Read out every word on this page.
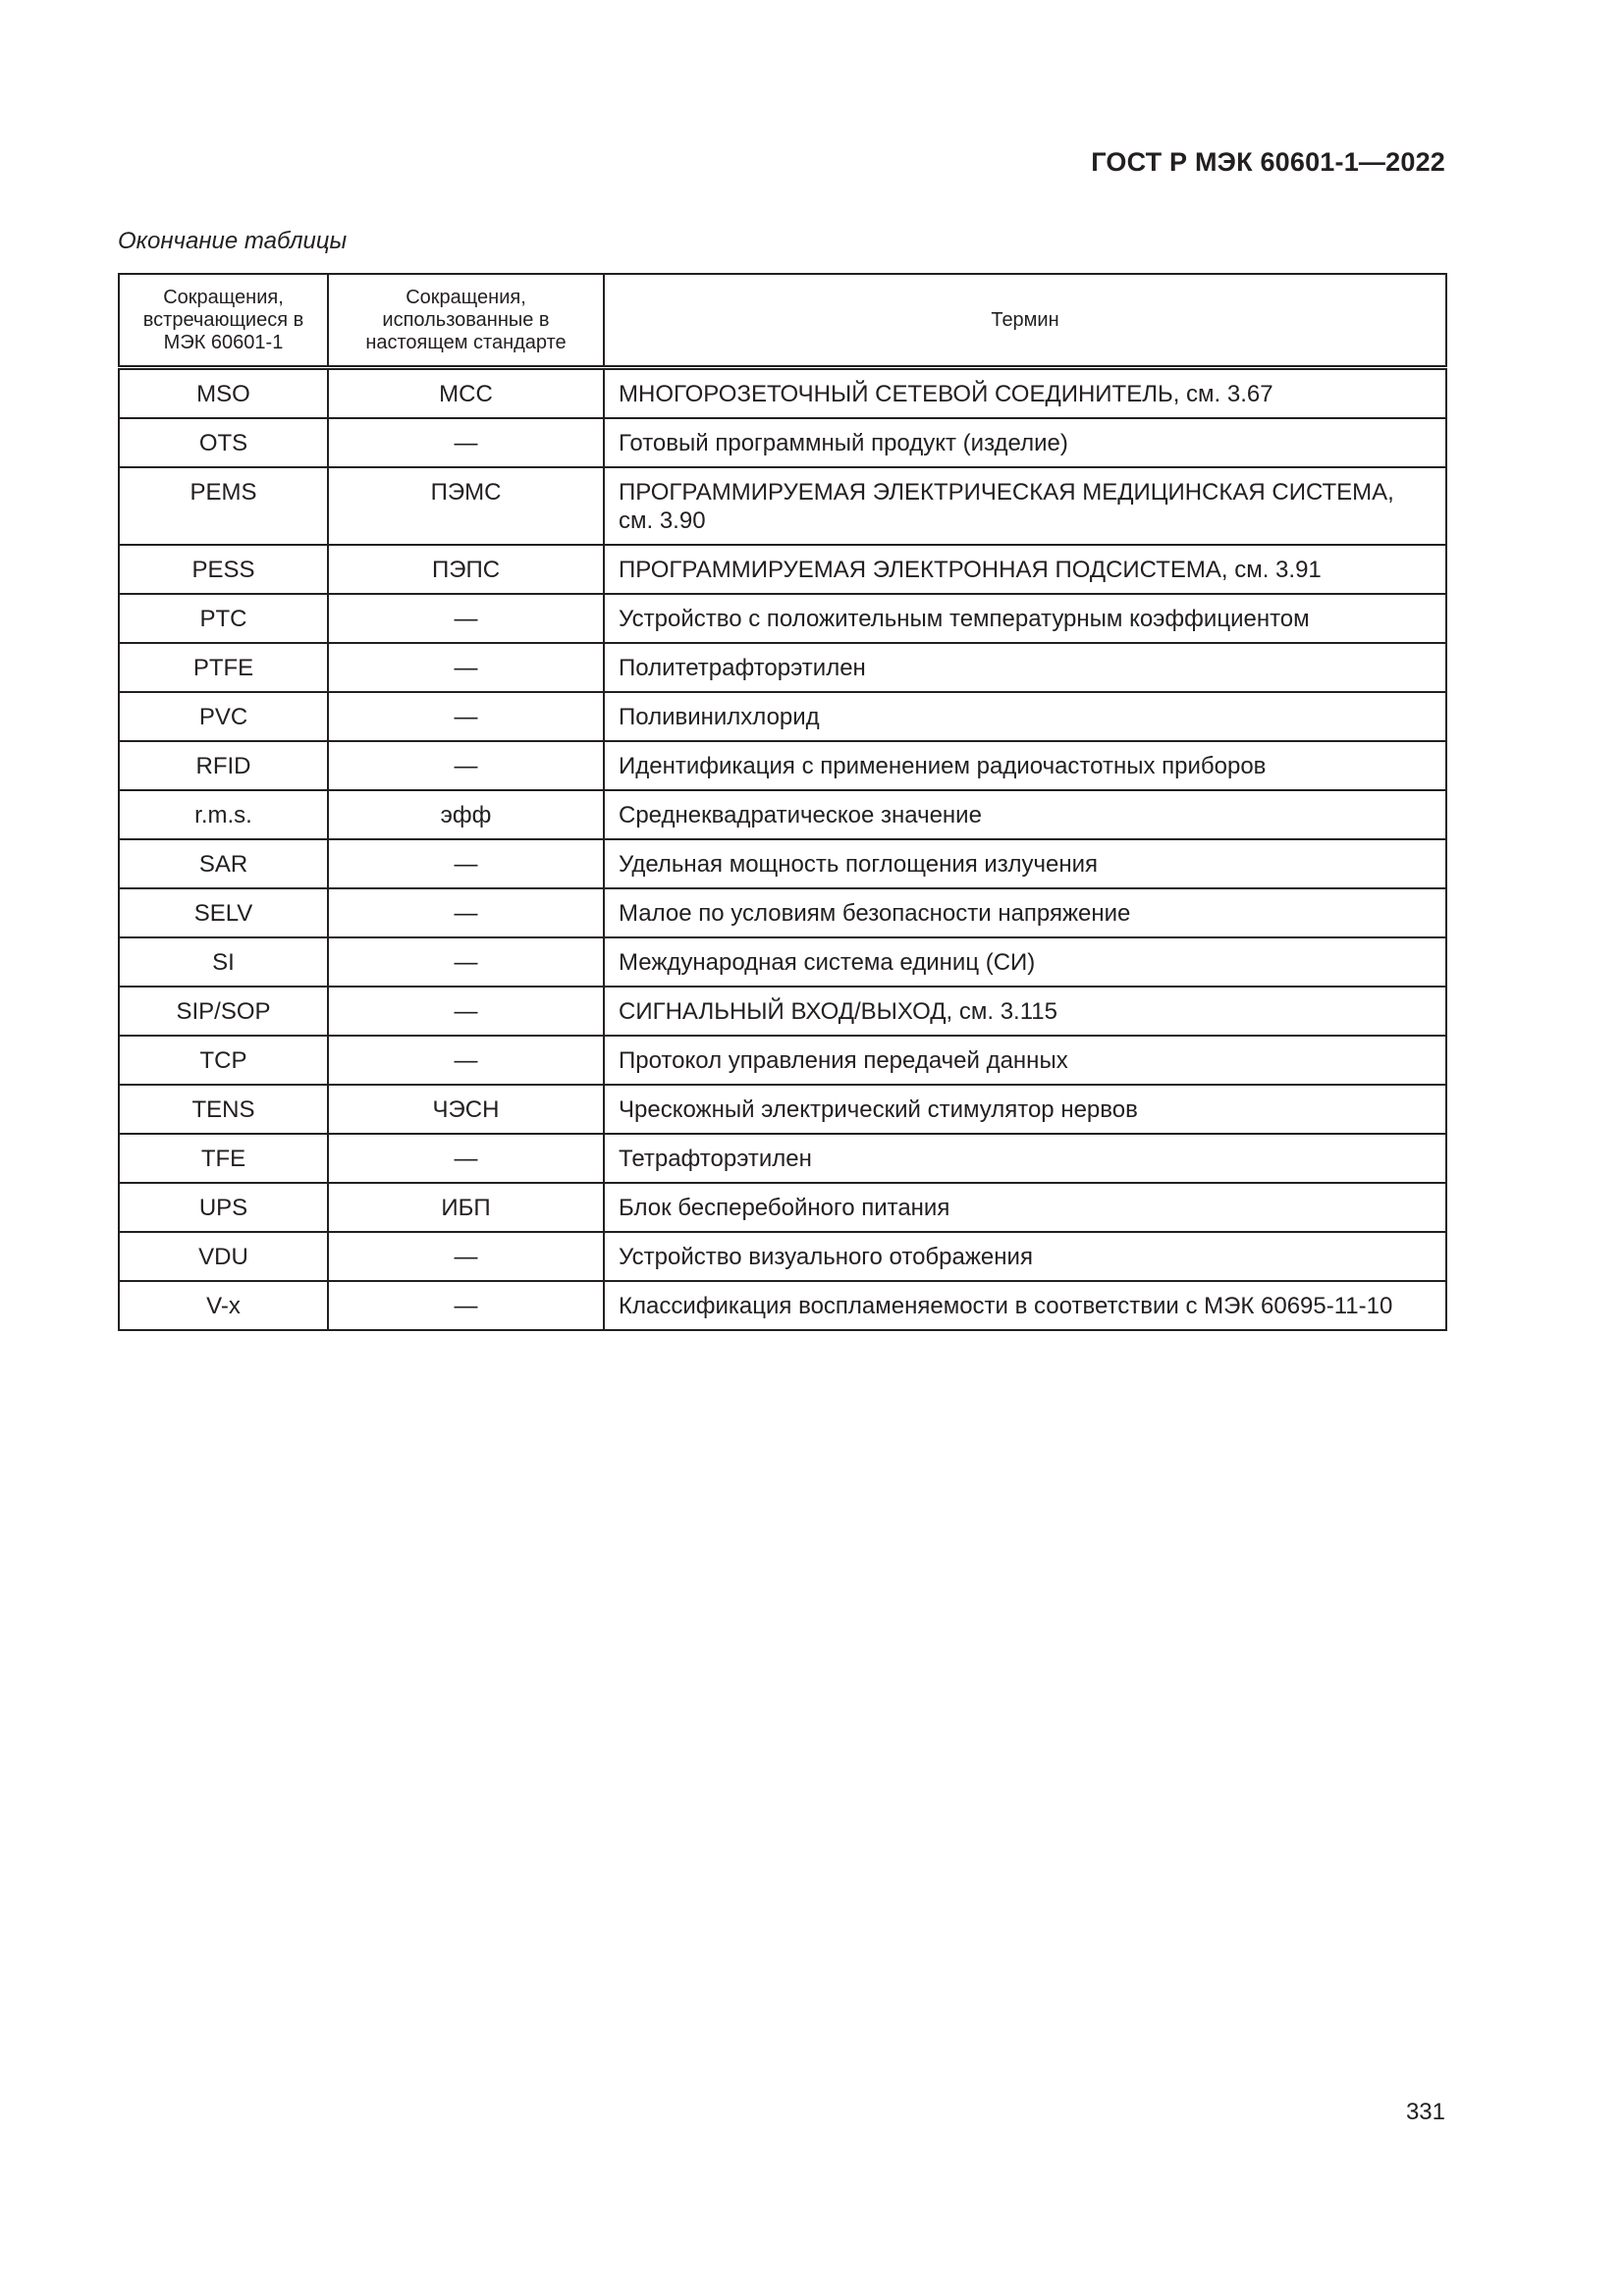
ГОСТ Р МЭК 60601-1—2022
Окончание таблицы
Сокращения, встречающиеся в МЭК 60601-1	Сокращения, использованные в настоящем стандарте	Термин
MSO	МСС	МНОГОРОЗЕТОЧНЫЙ СЕТЕВОЙ СОЕДИНИТЕЛЬ, см. 3.67
OTS	—	Готовый программный продукт (изделие)
PEMS	ПЭМС	ПРОГРАММИРУЕМАЯ ЭЛЕКТРИЧЕСКАЯ МЕДИЦИНСКАЯ СИСТЕМА, см. 3.90
PESS	ПЭПС	ПРОГРАММИРУЕМАЯ ЭЛЕКТРОННАЯ ПОДСИСТЕМА, см. 3.91
PTC	—	Устройство с положительным температурным коэффициентом
PTFE	—	Политетрафторэтилен
PVC	—	Поливинилхлорид
RFID	—	Идентификация с применением радиочастотных приборов
r.m.s.	эфф	Среднеквадратическое значение
SAR	—	Удельная мощность поглощения излучения
SELV	—	Малое по условиям безопасности напряжение
SI	—	Международная система единиц (СИ)
SIP/SOP	—	СИГНАЛЬНЫЙ ВХОД/ВЫХОД, см. 3.115
TCP	—	Протокол управления передачей данных
TENS	ЧЭСН	Чрескожный электрический стимулятор нервов
TFE	—	Тетрафторэтилен
UPS	ИБП	Блок бесперебойного питания
VDU	—	Устройство визуального отображения
V-x	—	Классификация воспламеняемости в соответствии с МЭК 60695-11-10
331
